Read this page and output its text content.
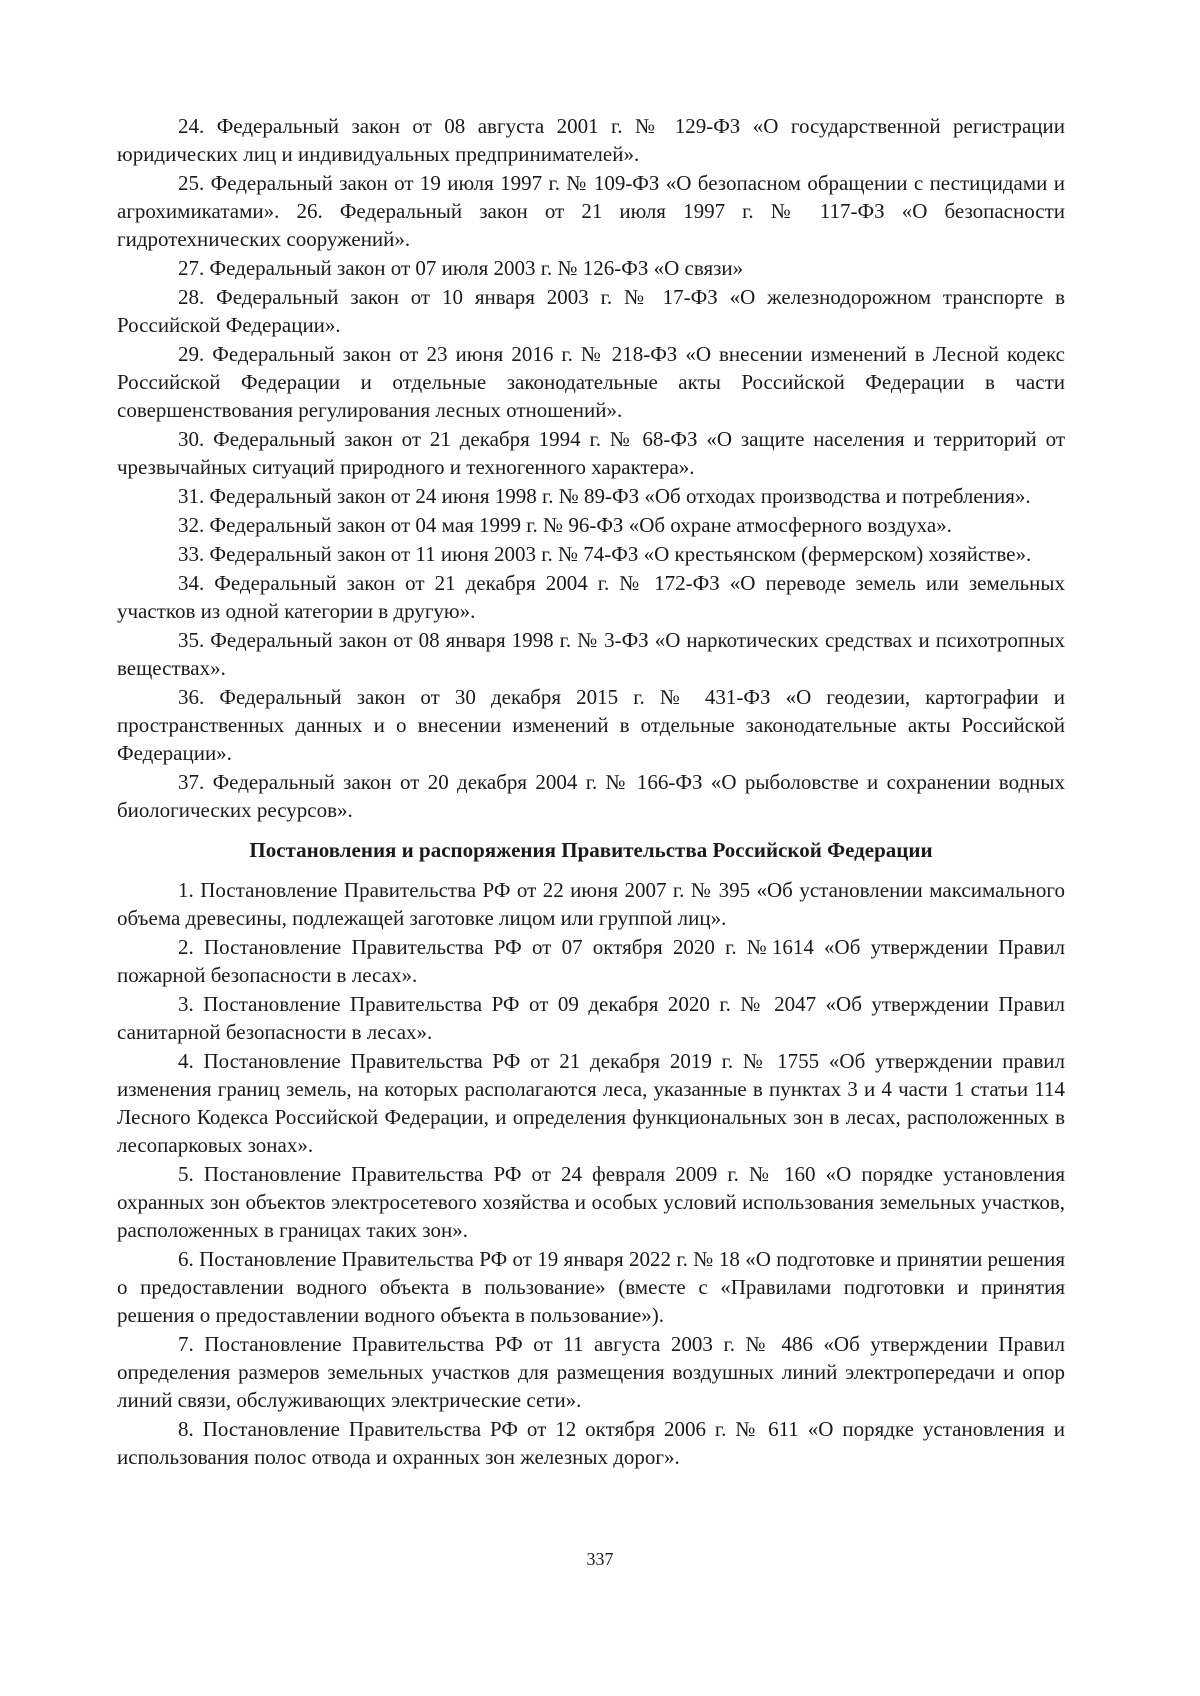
24. Федеральный закон от 08 августа 2001 г. № 129-ФЗ «О государственной регистрации юридических лиц и индивидуальных предпринимателей».

25. Федеральный закон от 19 июля 1997 г. № 109-ФЗ «О безопасном обращении с пестицидами и агрохимикатами». 26. Федеральный закон от 21 июля 1997 г. № 117-ФЗ «О безопасности гидротехнических сооружений».

27. Федеральный закон от 07 июля 2003 г. № 126-ФЗ «О связи»

28. Федеральный закон от 10 января 2003 г. № 17-ФЗ «О железнодорожном транспорте в Российской Федерации».

29. Федеральный закон от 23 июня 2016 г. № 218-ФЗ «О внесении изменений в Лесной кодекс Российской Федерации и отдельные законодательные акты Российской Федерации в части совершенствования регулирования лесных отношений».

30. Федеральный закон от 21 декабря 1994 г. № 68-ФЗ «О защите населения и территорий от чрезвычайных ситуаций природного и техногенного характера».

31. Федеральный закон от 24 июня 1998 г. № 89-ФЗ «Об отходах производства и потребления».

32. Федеральный закон от 04 мая 1999 г. № 96-ФЗ «Об охране атмосферного воздуха».

33. Федеральный закон от 11 июня 2003 г. № 74-ФЗ «О крестьянском (фермерском) хозяйстве».

34. Федеральный закон от 21 декабря 2004 г. № 172-ФЗ «О переводе земель или земельных участков из одной категории в другую».

35. Федеральный закон от 08 января 1998 г. № 3-ФЗ «О наркотических средствах и психотропных веществах».

36. Федеральный закон от 30 декабря 2015 г. № 431-ФЗ «О геодезии, картографии и пространственных данных и о внесении изменений в отдельные законодательные акты Российской Федерации».

37. Федеральный закон от 20 декабря 2004 г. № 166-ФЗ «О рыболовстве и сохранении водных биологических ресурсов».

Постановления и распоряжения Правительства Российской Федерации

1. Постановление Правительства РФ от 22 июня 2007 г. № 395 «Об установлении максимального объема древесины, подлежащей заготовке лицом или группой лиц».

2. Постановление Правительства РФ от 07 октября 2020 г. №1614 «Об утверждении Правил пожарной безопасности в лесах».

3. Постановление Правительства РФ от 09 декабря 2020 г. № 2047 «Об утверждении Правил санитарной безопасности в лесах».

4. Постановление Правительства РФ от 21 декабря 2019 г. № 1755 «Об утверждении правил изменения границ земель, на которых располагаются леса, указанные в пунктах 3 и 4 части 1 статьи 114 Лесного Кодекса Российской Федерации, и определения функциональных зон в лесах, расположенных в лесопарковых зонах».

5. Постановление Правительства РФ от 24 февраля 2009 г. № 160 «О порядке установления охранных зон объектов электросетевого хозяйства и особых условий использования земельных участков, расположенных в границах таких зон».

6. Постановление Правительства РФ от 19 января 2022 г. № 18 «О подготовке и принятии решения о предоставлении водного объекта в пользование» (вместе с «Правилами подготовки и принятия решения о предоставлении водного объекта в пользование»).

7. Постановление Правительства РФ от 11 августа 2003 г. № 486 «Об утверждении Правил определения размеров земельных участков для размещения воздушных линий электропередачи и опор линий связи, обслуживающих электрические сети».

8. Постановление Правительства РФ от 12 октября 2006 г. № 611 «О порядке установления и использования полос отвода и охранных зон железных дорог».

337
